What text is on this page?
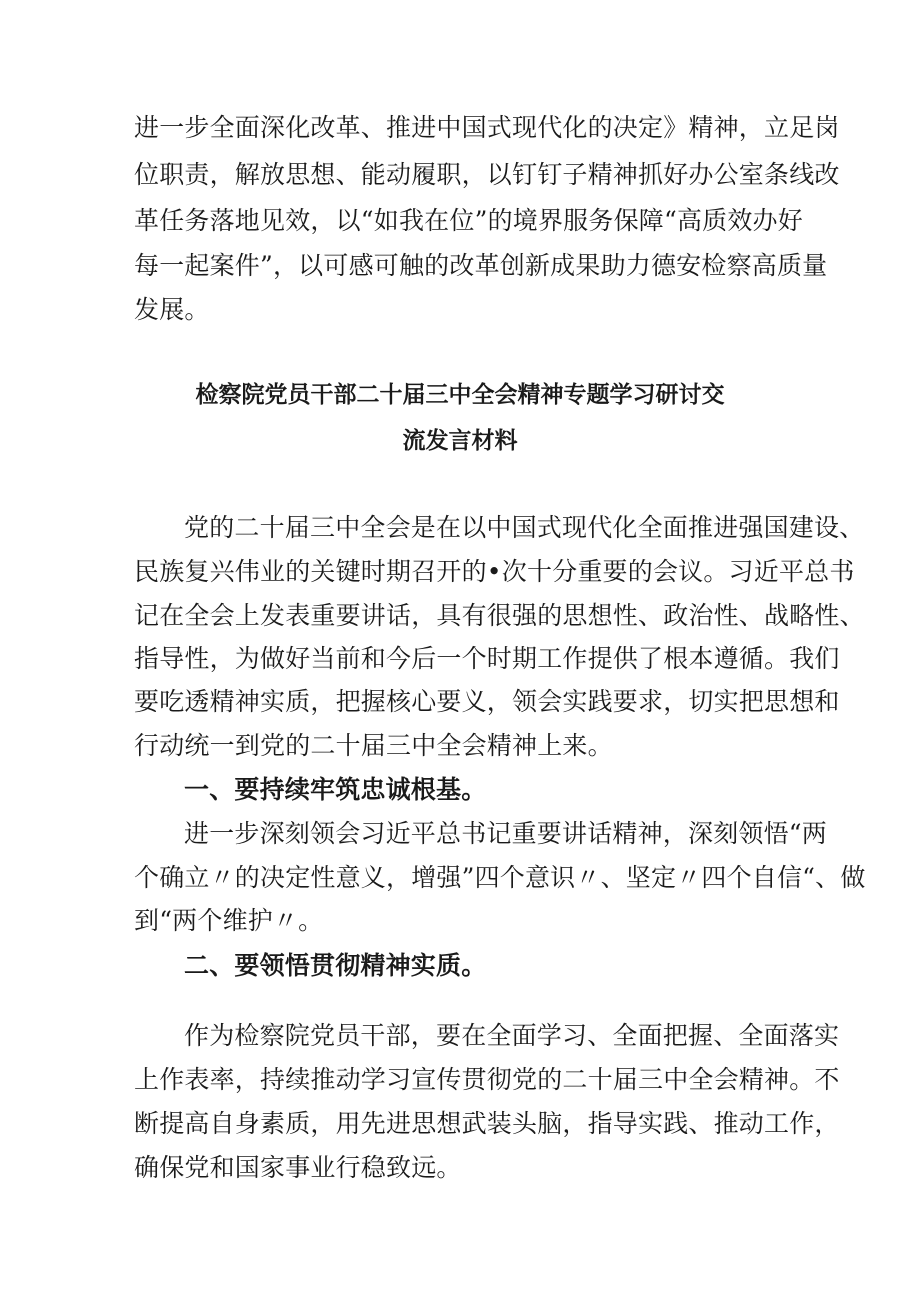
进一步全面深化改革、推进中国式现代化的决定》精神，立足岗
位职责，解放思想、能动履职，以钉钉子精神抓好办公室条线改
革任务落地见效，以“如我在位”的境界服务保障“高质效办好
每一起案件”，以可感可触的改革创新成果助力德安检察高质量
发展。
检察院党员干部二十届三中全会精神专题学习研讨交
流发言材料
党的二十届三中全会是在以中国式现代化全面推进强国建设、
民族复兴伟业的关键时期召开的•次十分重要的会议。习近平总书
记在全会上发表重要讲话，具有很强的思想性、政治性、战略性、
指导性，为做好当前和今后一个时期工作提供了根本遵循。我们
要吃透精神实质，把握核心要义，领会实践要求，切实把思想和
行动统一到党的二十届三中全会精神上来。
一、要持续牢筑忠诚根基。
进一步深刻领会习近平总书记重要讲话精神，深刻领悟“两
个确立〃的决定性意义，增强”四个意识〃、坚定〃四个自信“、做
到“两个维护〃。
二、要领悟贯彻精神实质。
作为检察院党员干部，要在全面学习、全面把握、全面落实
上作表率，持续推动学习宣传贯彻党的二十届三中全会精神。不
断提高自身素质，用先进思想武装头脑，指导实践、推动工作，
确保党和国家事业行稳致远。
